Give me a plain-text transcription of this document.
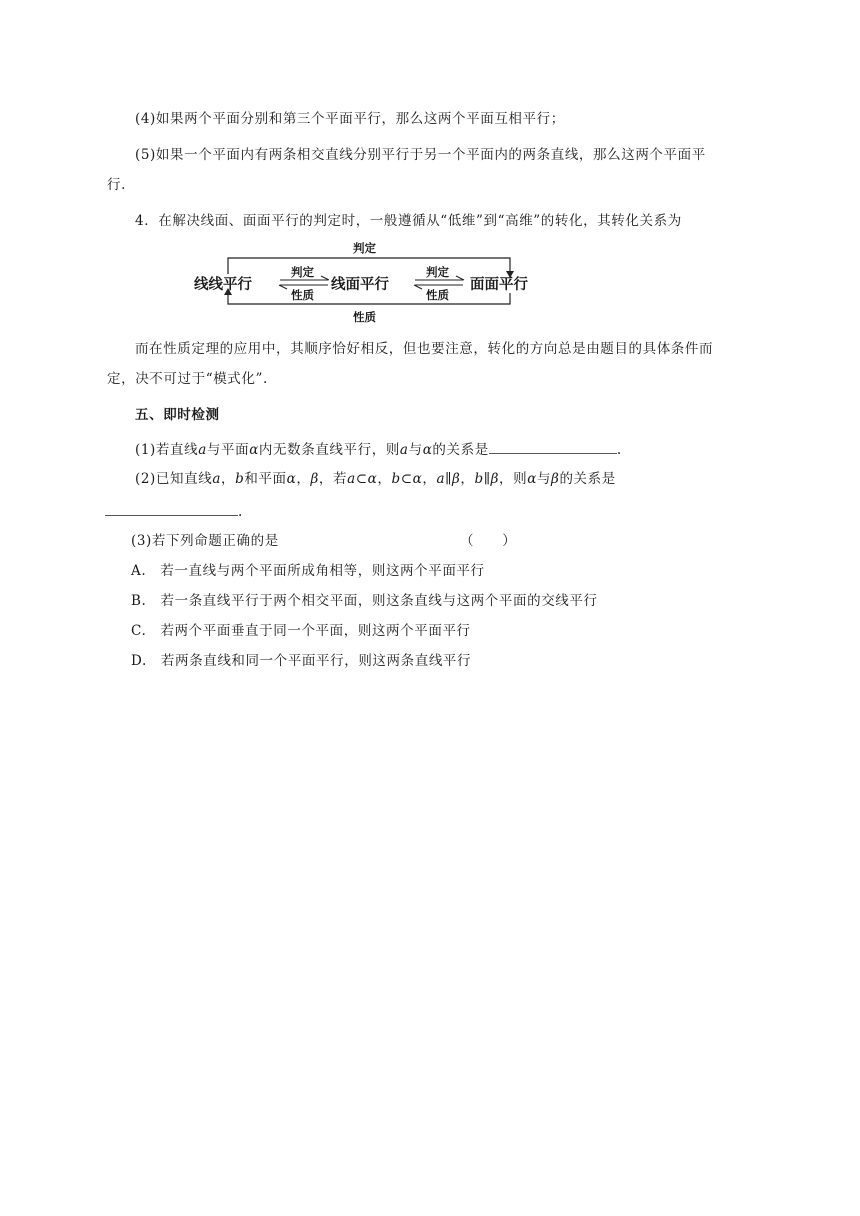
(4)如果两个平面分别和第三个平面平行，那么这两个平面互相平行；
(5)如果一个平面内有两条相交直线分别平行于另一个平面内的两条直线，那么这两个平面平
行.
4．在解决线面、面面平行的判定时，一般遵循从“低维”到“高维”的转化，其转化关系为
判定
线线平行
判定
性质
线面平行
判定
性质
面面平行
性质
而在性质定理的应用中，其顺序恰好相反，但也要注意，转化的方向总是由题目的具体条件而
定，决不可过于“模式化”.
五、即时检测
(1)若直线a与平面α内无数条直线平行，则a与α的关系是	.
(2)已知直线a，b和平面α，β，若a⊂α，b⊂α，a∥β，b∥β，则α与β的关系是
.
(3)若下列命题正确的是	（　　）
A.　若一直线与两个平面所成角相等，则这两个平面平行
B.　若一条直线平行于两个相交平面，则这条直线与这两个平面的交线平行
C.　若两个平面垂直于同一个平面，则这两个平面平行
D.　若两条直线和同一个平面平行，则这两条直线平行
